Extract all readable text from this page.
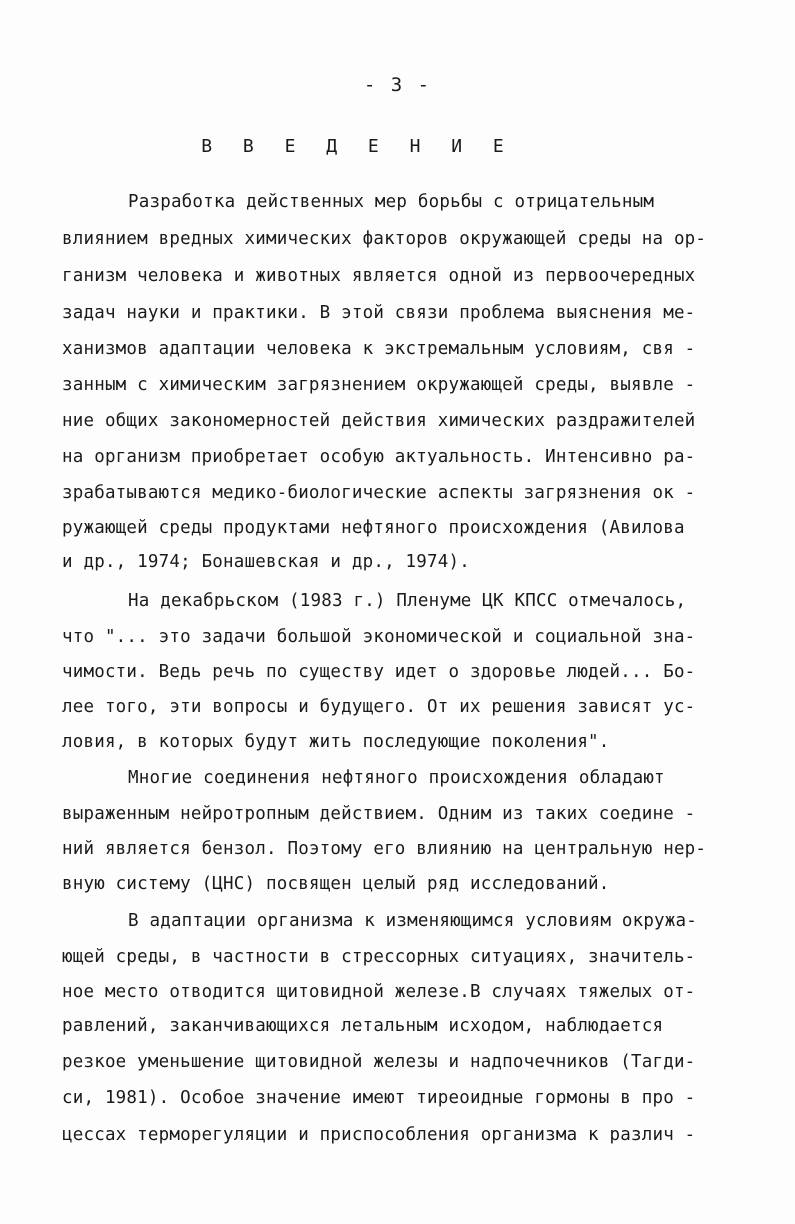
- 3 -
В В Е Д Е Н И Е
Разработка действенных мер борьбы с отрицательным
влиянием вредных химических факторов окружающей среды на ор-
ганизм человека и животных является одной из первоочередных
задач науки и практики. В этой связи проблема выяснения ме-
ханизмов адаптации человека к экстремальным условиям, свя -
занным с химическим загрязнением окружающей среды, выявле -
ние общих закономерностей действия химических раздражителей
на организм приобретает особую актуальность. Интенсивно ра-
зрабатываются медико-биологические аспекты загрязнения ок -
ружающей среды продуктами нефтяного происхождения (Авилова
и др., 1974; Бонашевская и др., 1974).
На декабрьском (1983 г.) Пленуме ЦК КПСС отмечалось,
что "... это задачи большой экономической и социальной зна-
чимости. Ведь речь по существу идет о здоровье людей... Бо-
лее того, эти вопросы и будущего. От их решения зависят ус-
ловия, в которых будут жить последующие поколения".
Многие соединения нефтяного происхождения обладают
выраженным нейротропным действием. Одним из таких соедине -
ний является бензол. Поэтому его влиянию на центральную нер-
вную систему (ЦНС) посвящен целый ряд исследований.
В адаптации организма к изменяющимся условиям окружа-
ющей среды, в частности в стрессорных ситуациях, значитель-
ное место отводится щитовидной железе.В случаях тяжелых от-
равлений, заканчивающихся летальным исходом, наблюдается
резкое уменьшение щитовидной железы и надпочечников (Тагди-
си, 1981). Особое значение имеют тиреоидные гормоны в про -
цессах терморегуляции и приспособления организма к различ -
